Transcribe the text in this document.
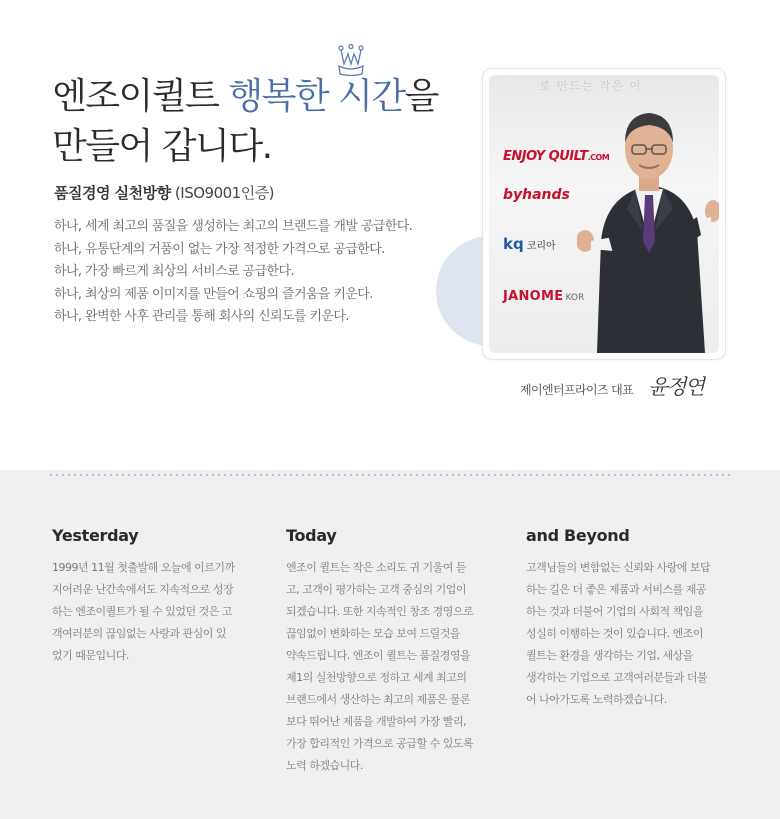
엔조이퀼트 행복한 시간을
만들어 갑니다.
품질경영 실천방향 (ISO9001인증)
하나, 세계 최고의 품질을 생성하는 최고의 브랜드를 개발 공급한다.
하나, 유통단계의 거품이 없는 가장 적정한 가격으로 공급한다.
하나, 가장 빠르게 최상의 서비스로 공급한다.
하나, 최상의 제품 이미지를 만들어 쇼핑의 즐거움을 키운다.
하나, 완벽한 사후 관리를 통해 회사의 신뢰도를 키운다.
로 만드는 작은 이
ENJOY QUILT.COM
byhands
kq 코리아
JANOME KOR
제이엔터프라이즈 대표 윤정연
Yesterday

1999년 11월 첫출발해 오늘에 이르기까
지어려운 난간속에서도 지속적으로 성장
하는 엔조이퀼트가 될 수 있었던 것은 고
객여러분의 끊임없는 사랑과 관심이 있
었기 때문입니다.

Today

엔조이 퀼트는 작은 소리도 귀 기울여 듣
고, 고객이 평가하는 고객 중심의 기업이
되겠습니다. 또한 지속적인 창조 경영으로
끊임없이 변화하는 모습 보여 드릴것을
약속드립니다. 엔조이 퀼트는 품질경영을
제1의 실천방향으로 정하고 세계 최고의
브랜드에서 생산하는 최고의 제품은 물론
보다 뛰어난 제품을 개발하여 가장 빨리,
가장 합리적인 가격으로 공급할 수 있도록
노력 하겠습니다.

and Beyond

고객님들의 변함없는 신뢰와 사랑에 보답
하는 길은 더 좋은 제품과 서비스를 제공
하는 것과 더불어 기업의 사회적 책임을
성실히 이행하는 것이 있습니다. 엔조이
퀼트는 환경을 생각하는 기업, 세상을
생각하는 기업으로 고객여러분들과 더불
어 나아가도록 노력하겠습니다.
